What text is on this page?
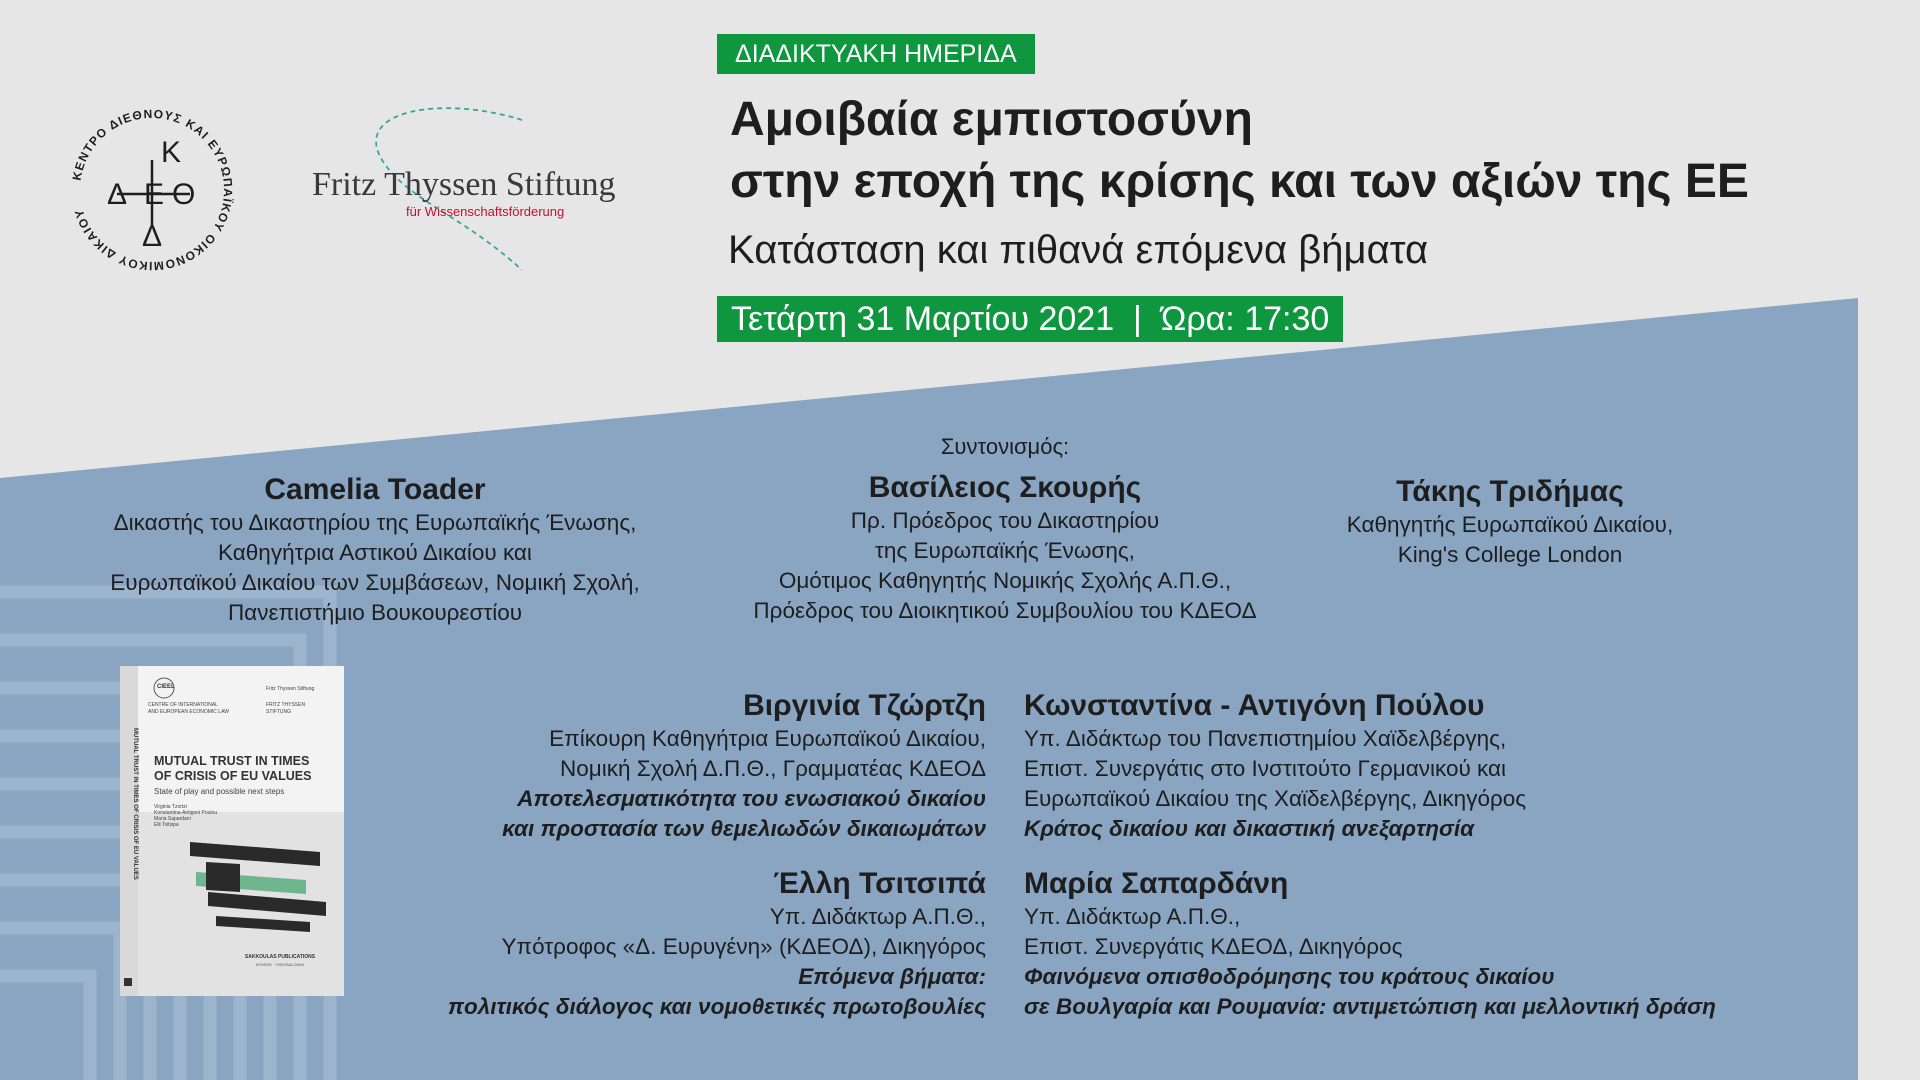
ΚΕΝΤΡΟ ΔΙΕΘΝΟΥΣ ΚΑΙ ΕΥΡΩΠΑΪΚΟΥ ΟΙΚΟΝΟΜΙΚΟΥ ΔΙΚΑΙΟΥ
Κ
Δ Ε Ο
Δ
Fritz Thyssen Stiftung
für Wissenschaftsförderung
ΔΙΑΔΙΚΤΥΑΚΗ ΗΜΕΡΙΔΑ
Αμοιβαία εμπιστοσύνη
στην εποχή της κρίσης και των αξιών της ΕΕ
Κατάσταση και πιθανά επόμενα βήματα
Τετάρτη 31 Μαρτίου 2021  |  Ώρα: 17:30
Camelia Toader
Δικαστής του Δικαστηρίου της Ευρωπαϊκής Ένωσης,
Καθηγήτρια Αστικού Δικαίου και
Ευρωπαϊκού Δικαίου των Συμβάσεων, Νομική Σχολή,
Πανεπιστήμιο Βουκουρεστίου
Συντονισμός:
Βασίλειος Σκουρής
Πρ. Πρόεδρος του Δικαστηρίου
της Ευρωπαϊκής Ένωσης,
Ομότιμος Καθηγητής Νομικής Σχολής Α.Π.Θ.,
Πρόεδρος του Διοικητικού Συμβουλίου του ΚΔΕΟΔ
Τάκης Τριδήμας
Καθηγητής Ευρωπαϊκού Δικαίου,
King's College London
CIEEL
CENTRE OF INTERNATIONAL
AND EUROPEAN ECONOMIC LAW
Fritz Thyssen Stiftung
FRITZ THYSSEN
STIFTUNG
MUTUAL TRUST IN TIMES
OF CRISIS OF EU VALUES
State of play and possible next steps
Virginia Tzortzi
Konstantina-Antigoni Poulou
Maria Sapardani
Elli Tsitsipa
MUTUAL TRUST IN TIMES OF CRISIS OF EU VALUES
SAKKOULAS PUBLICATIONS
ATHENS · THESSALONIKI
Βιργινία Τζώρτζη
Επίκουρη Καθηγήτρια Ευρωπαϊκού Δικαίου,
Νομική Σχολή Δ.Π.Θ., Γραμματέας ΚΔΕΟΔ
Αποτελεσματικότητα του ενωσιακού δικαίου
και προστασία των θεμελιωδών δικαιωμάτων
Έλλη Τσιτσιπά
Υπ. Διδάκτωρ Α.Π.Θ.,
Υπότροφος «Δ. Ευρυγένη» (ΚΔΕΟΔ), Δικηγόρος
Επόμενα βήματα:
πολιτικός διάλογος και νομοθετικές πρωτοβουλίες
Κωνσταντίνα - Αντιγόνη Πούλου
Υπ. Διδάκτωρ του Πανεπιστημίου Χαϊδελβέργης,
Επιστ. Συνεργάτις στο Ινστιτούτο Γερμανικού και
Ευρωπαϊκού Δικαίου της Χαϊδελβέργης, Δικηγόρος
Κράτος δικαίου και δικαστική ανεξαρτησία
Μαρία Σαπαρδάνη
Υπ. Διδάκτωρ Α.Π.Θ.,
Επιστ. Συνεργάτις ΚΔΕΟΔ, Δικηγόρος
Φαινόμενα οπισθοδρόμησης του κράτους δικαίου
σε Βουλγαρία και Ρουμανία: αντιμετώπιση και μελλοντική δράση
